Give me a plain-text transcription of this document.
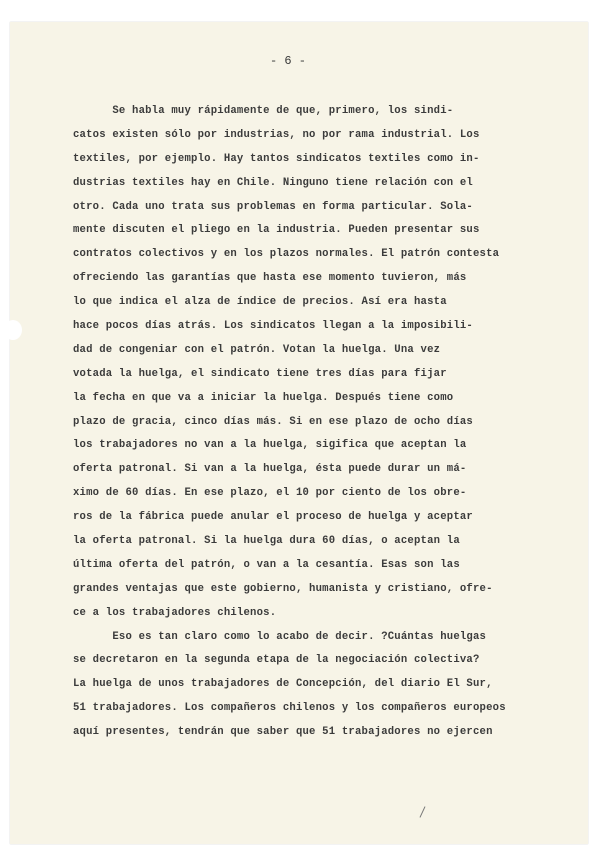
- 6 -
Se habla muy rápidamente de que, primero, los sindi-
catos existen sólo por industrias, no por rama industrial. Los
textiles, por ejemplo. Hay tantos sindicatos textiles como in-
dustrias textiles hay en Chile. Ninguno tiene relación con el
otro. Cada uno trata sus problemas en forma particular. Sola-
mente discuten el pliego en la industria. Pueden presentar sus
contratos colectivos y en los plazos normales. El patrón contesta
ofreciendo las garantías que hasta ese momento tuvieron, más
lo que indica el alza de índice de precios. Así era hasta
hace pocos días atrás. Los sindicatos llegan a la imposibili-
dad de congeniar con el patrón. Votan la huelga. Una vez
votada la huelga, el sindicato tiene tres días para fijar
la fecha en que va a iniciar la huelga. Después tiene como
plazo de gracia, cinco días más. Si en ese plazo de ocho días
los trabajadores no van a la huelga, sigifica que aceptan la
oferta patronal. Si van a la huelga, ésta puede durar un má-
ximo de 60 días. En ese plazo, el 10 por ciento de los obre-
ros de la fábrica puede anular el proceso de huelga y aceptar
la oferta patronal. Si la huelga dura 60 días, o aceptan la
última oferta del patrón, o van a la cesantía. Esas son las
grandes ventajas que este gobierno, humanista y cristiano, ofre-
ce a los trabajadores chilenos.
Eso es tan claro como lo acabo de decir. ?Cuántas huelgas
se decretaron en la segunda etapa de la negociación colectiva?
La huelga de unos trabajadores de Concepción, del diario El Sur,
51 trabajadores. Los compañeros chilenos y los compañeros europeos
aquí presentes, tendrán que saber que 51 trabajadores no ejercen
